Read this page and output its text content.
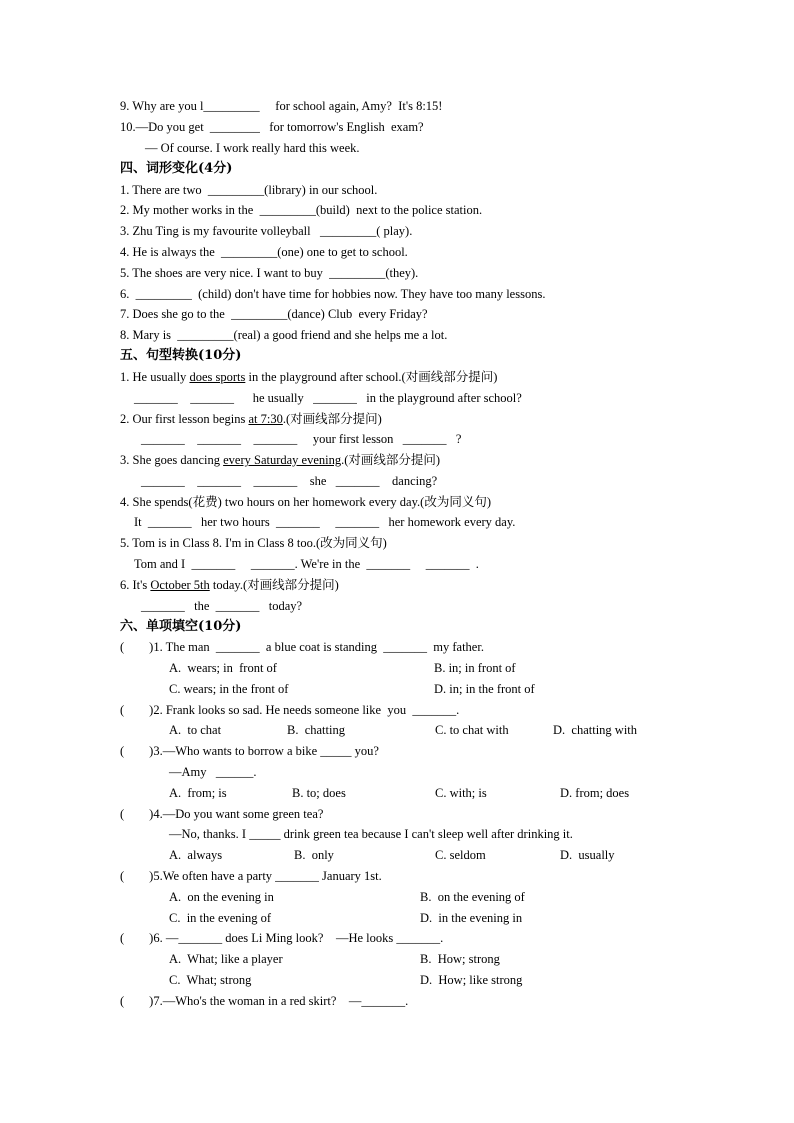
9. Why are you l_________     for school again, Amy?  It's 8:15!
10.—Do you get  ________   for tomorrow's English  exam?
— Of course. I work really hard this week.
四、词形变化(4分)
1. There are two  _________(library) in our school.
2. My mother works in the  _________(build)  next to the police station.
3. Zhu Ting is my favourite volleyball   _________( play).
4. He is always the  _________(one) one to get to school.
5. The shoes are very nice. I want to buy  _________(they).
6.  _________  (child) don't have time for hobbies now. They have too many lessons.
7. Does she go to the  _________(dance) Club  every Friday?
8. Mary is  _________(real) a good friend and she helps me a lot.
五、句型转换(10分)
1. He usually does sports in the playground after school.(对画线部分提问)
_______    _______      he usually   _______   in the playground after school?
2. Our first lesson begins at 7:30.(对画线部分提问)
_______    _______    _______     your first lesson   _______   ?
3. She goes dancing every Saturday evening.(对画线部分提问)
_______    _______    _______    she   _______    dancing?
4. She spends(花费) two hours on her homework every day.(改为同义句)
It  _______   her two hours  _______     _______   her homework every day.
5. Tom is in Class 8. I'm in Class 8 too.(改为同义句)
Tom and I  _______     _______. We're in the  _______     _______  .
6. It's October 5th today.(对画线部分提问)
_______   the  _______   today?
六、单项填空(10分)
(        )1. The man  _______  a blue coat is standing  _______  my father.
A.  wears; in  front of	B. in; in front of
C. wears; in the front of	D. in; in the front of
(        )2. Frank looks so sad. He needs someone like  you  _______.
A.  to chat	B.  chatting	C. to chat with	D.  chatting with
(        )3.—Who wants to borrow a bike _____ you?
—Amy   ______.
A.  from; is	B. to; does	C. with; is	D. from; does
(        )4.—Do you want some green tea?
—No, thanks. I _____ drink green tea because I can't sleep well after drinking it.
A.  always	B.  only	C. seldom	D.  usually
(        )5.We often have a party _______ January 1st.
A.  on the evening in	B.  on the evening of
C.  in the evening of	D.  in the evening in
(        )6. —_______ does Li Ming look?    —He looks _______.
A.  What; like a player	B.  How; strong
C.  What; strong	D.  How; like strong
(        )7.—Who's the woman in a red skirt?    —_______.
